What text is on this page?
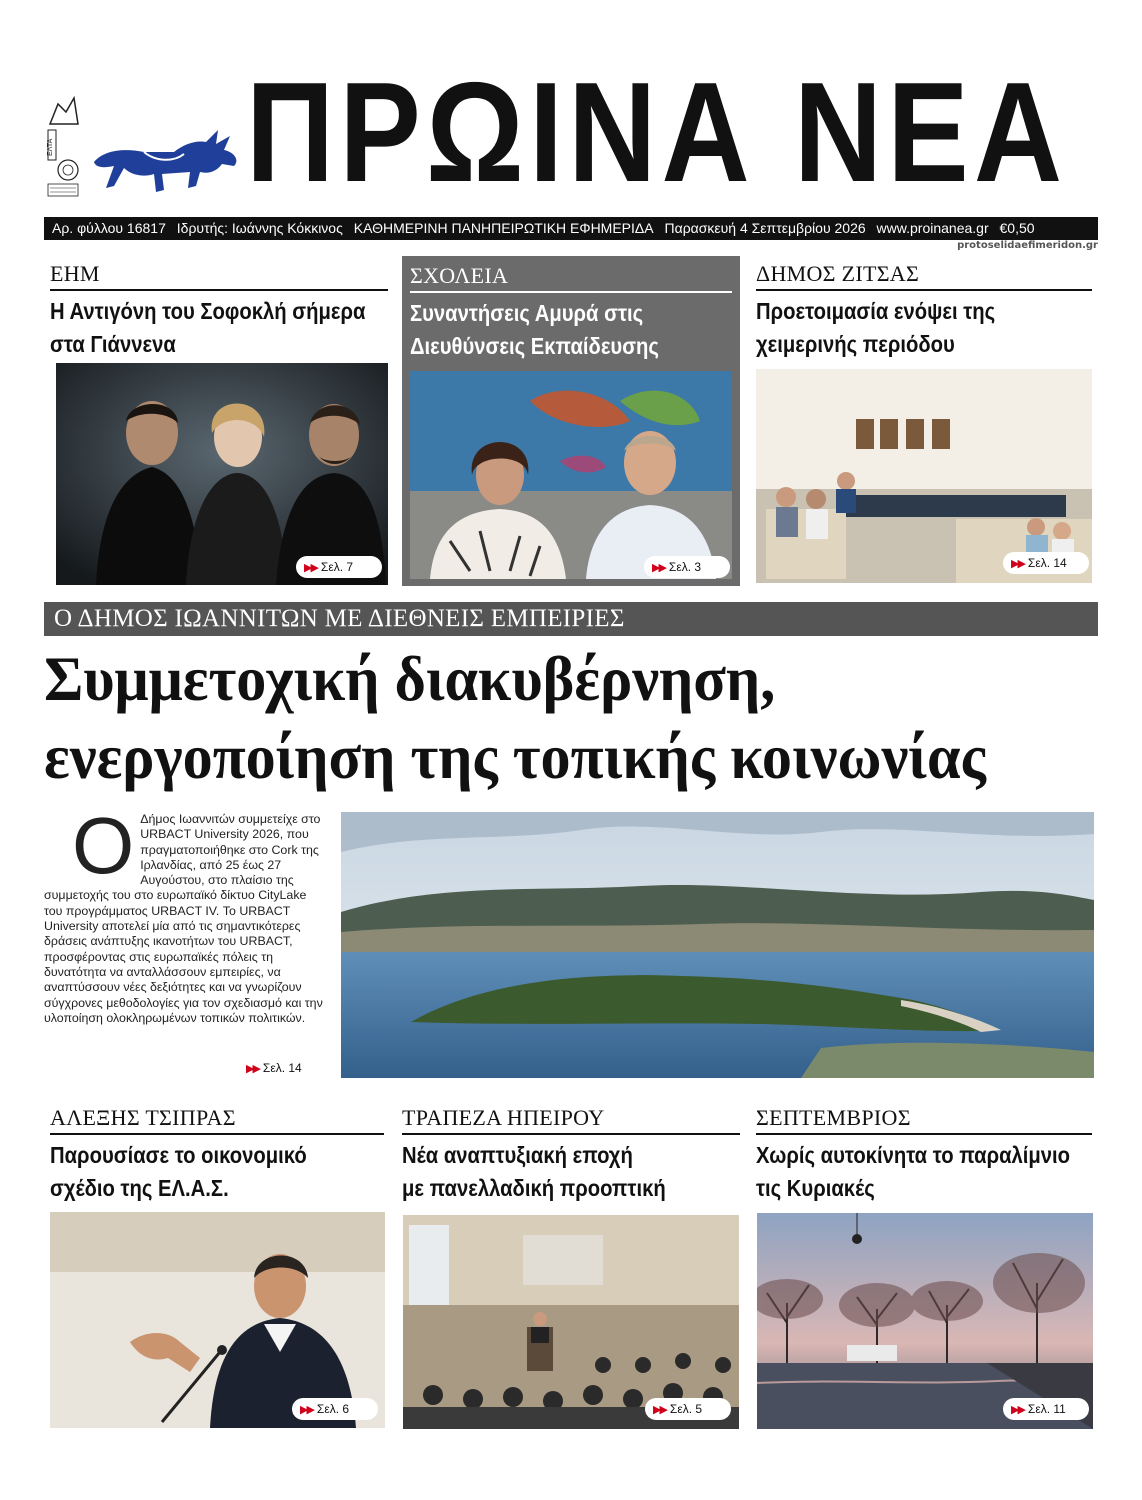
ΕΛΤΑ ΠΡΩΙΝΑ ΝΕΑ
Αρ. φύλλου 16817 Ιδρυτής: Ιωάννης Κόκκινος ΚΑΘΗΜΕΡΙΝΗ ΠΑΝΗΠΕΙΡΩΤΙΚΗ ΕΦΗΜΕΡΙΔΑ Παρασκευή 4 Σεπτεμβρίου 2026 www.proinanea.gr €0,50
protoselidaefimeridon.gr
ΕΗΜ
Η Αντιγόνη του Σοφοκλή σήμερα
στα Γιάννενα
▶▶ Σελ. 7
ΣΧΟΛΕΙΑ
Συναντήσεις Αμυρά στις
Διευθύνσεις Εκπαίδευσης
▶▶ Σελ. 3
ΔΗΜΟΣ ΖΙΤΣΑΣ
Προετοιμασία ενόψει της
χειμερινής περιόδου
▶▶ Σελ. 14
Ο ΔΗΜΟΣ ΙΩΑΝΝΙΤΩΝ ΜΕ ΔΙΕΘΝΕΙΣ ΕΜΠΕΙΡΙΕΣ
Συμμετοχική διακυβέρνηση,
ενεργοποίηση της τοπικής κοινωνίας
Ο Δήμος Ιωαννιτών συμμετείχε στο URBACT University 2026, που πραγματοποιήθηκε στο Cork της Ιρλανδίας, από 25 έως 27 Αυγούστου, στο πλαίσιο της συμμετοχής του στο ευρωπαϊκό δίκτυο CityLake του προγράμματος URBACT IV. Το URBACT University αποτελεί μία από τις σημαντικότερες δράσεις ανάπτυξης ικανοτήτων του URBACT, προσφέροντας στις ευρωπαϊκές πόλεις τη δυνατότητα να ανταλλάσσουν εμπειρίες, να αναπτύσσουν νέες δεξιότητες και να γνωρίζουν σύγχρονες μεθοδολογίες για τον σχεδιασμό και την υλοποίηση ολοκληρωμένων τοπικών πολιτικών.
▶▶ Σελ. 14
ΑΛΕΞΗΣ ΤΣΙΠΡΑΣ
Παρουσίασε το οικονομικό
σχέδιο της ΕΛ.Α.Σ.
▶▶ Σελ. 6
ΤΡΑΠΕΖΑ ΗΠΕΙΡΟΥ
Νέα αναπτυξιακή εποχή
με πανελλαδική προοπτική
▶▶ Σελ. 5
ΣΕΠΤΕΜΒΡΙΟΣ
Χωρίς αυτοκίνητα το παραλίμνιο
τις Κυριακές
▶▶ Σελ. 11
